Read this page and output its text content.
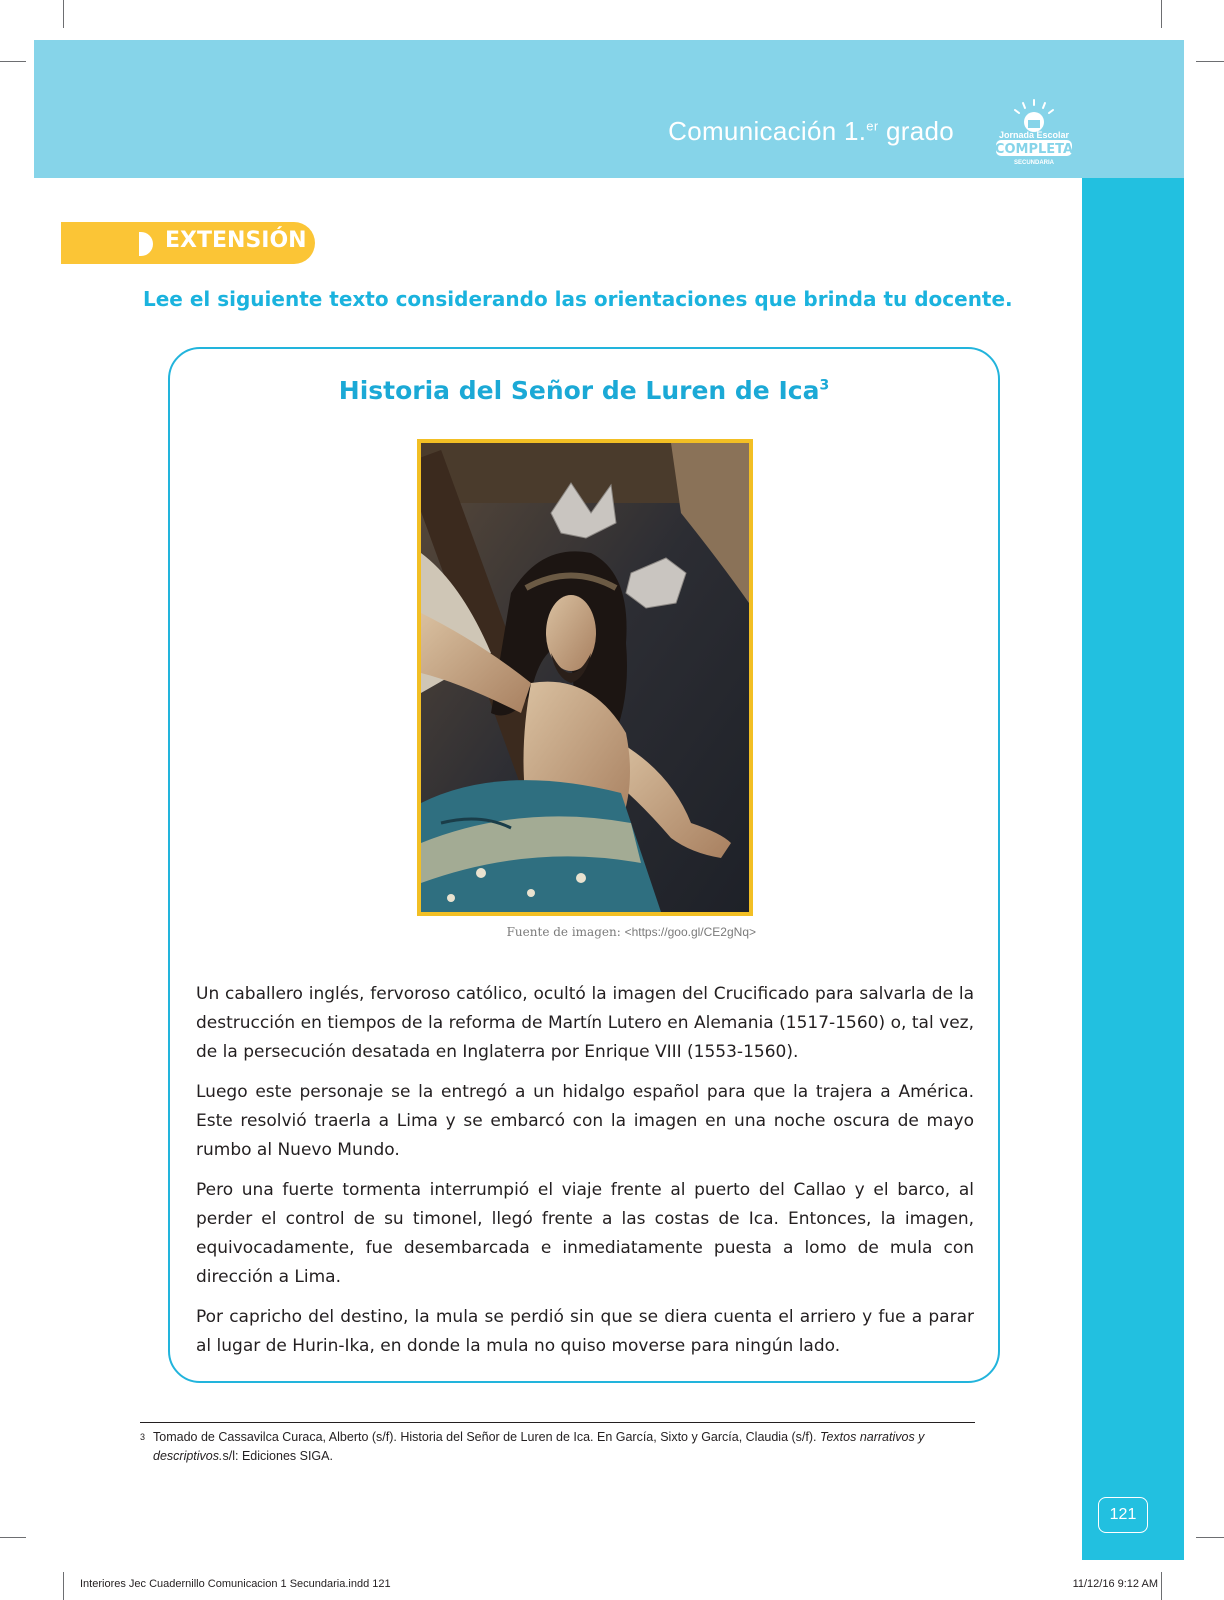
Comunicación 1.$^{er}$ grado	Jornada Escolar
COMPLETA
SECUNDARIA
121
EXTENSIÓN
Lee el siguiente texto considerando las orientaciones que brinda tu docente.
Historia del Señor de Luren de Ica$^3$
Fuente de imagen: <https://goo.gl/CE2gNq>

Un caballero inglés, fervoroso católico, ocultó la imagen del Crucificado para salvarla de la destrucción en tiempos de la reforma de Martín Lutero en Alemania (1517-1560) o, tal vez, de la persecución desatada en Inglaterra por Enrique VIII (1553-1560).

Luego este personaje se la entregó a un hidalgo español para que la trajera a América. Este resolvió traerla a Lima y se embarcó con la imagen en una noche oscura de mayo rumbo al Nuevo Mundo.

Pero una fuerte tormenta interrumpió el viaje frente al puerto del Callao y el barco, al perder el control de su timonel, llegó frente a las costas de Ica. Entonces, la imagen, equivocadamente, fue desembarcada e inmediatamente puesta a lomo de mula con dirección a Lima.

Por capricho del destino, la mula se perdió sin que se diera cuenta el arriero y fue a parar al lugar de Hurin-Ika, en donde la mula no quiso moverse para ningún lado.

$^3$ Tomado de Cassavilca Curaca, Alberto (s/f). Historia del Señor de Luren de Ica. En García, Sixto y García, Claudia (s/f). Textos narrativos y descriptivos.s/l: Ediciones SIGA.
Interiores Jec Cuadernillo Comunicacion 1 Secundaria.indd 121	11/12/16 9:12 AM
